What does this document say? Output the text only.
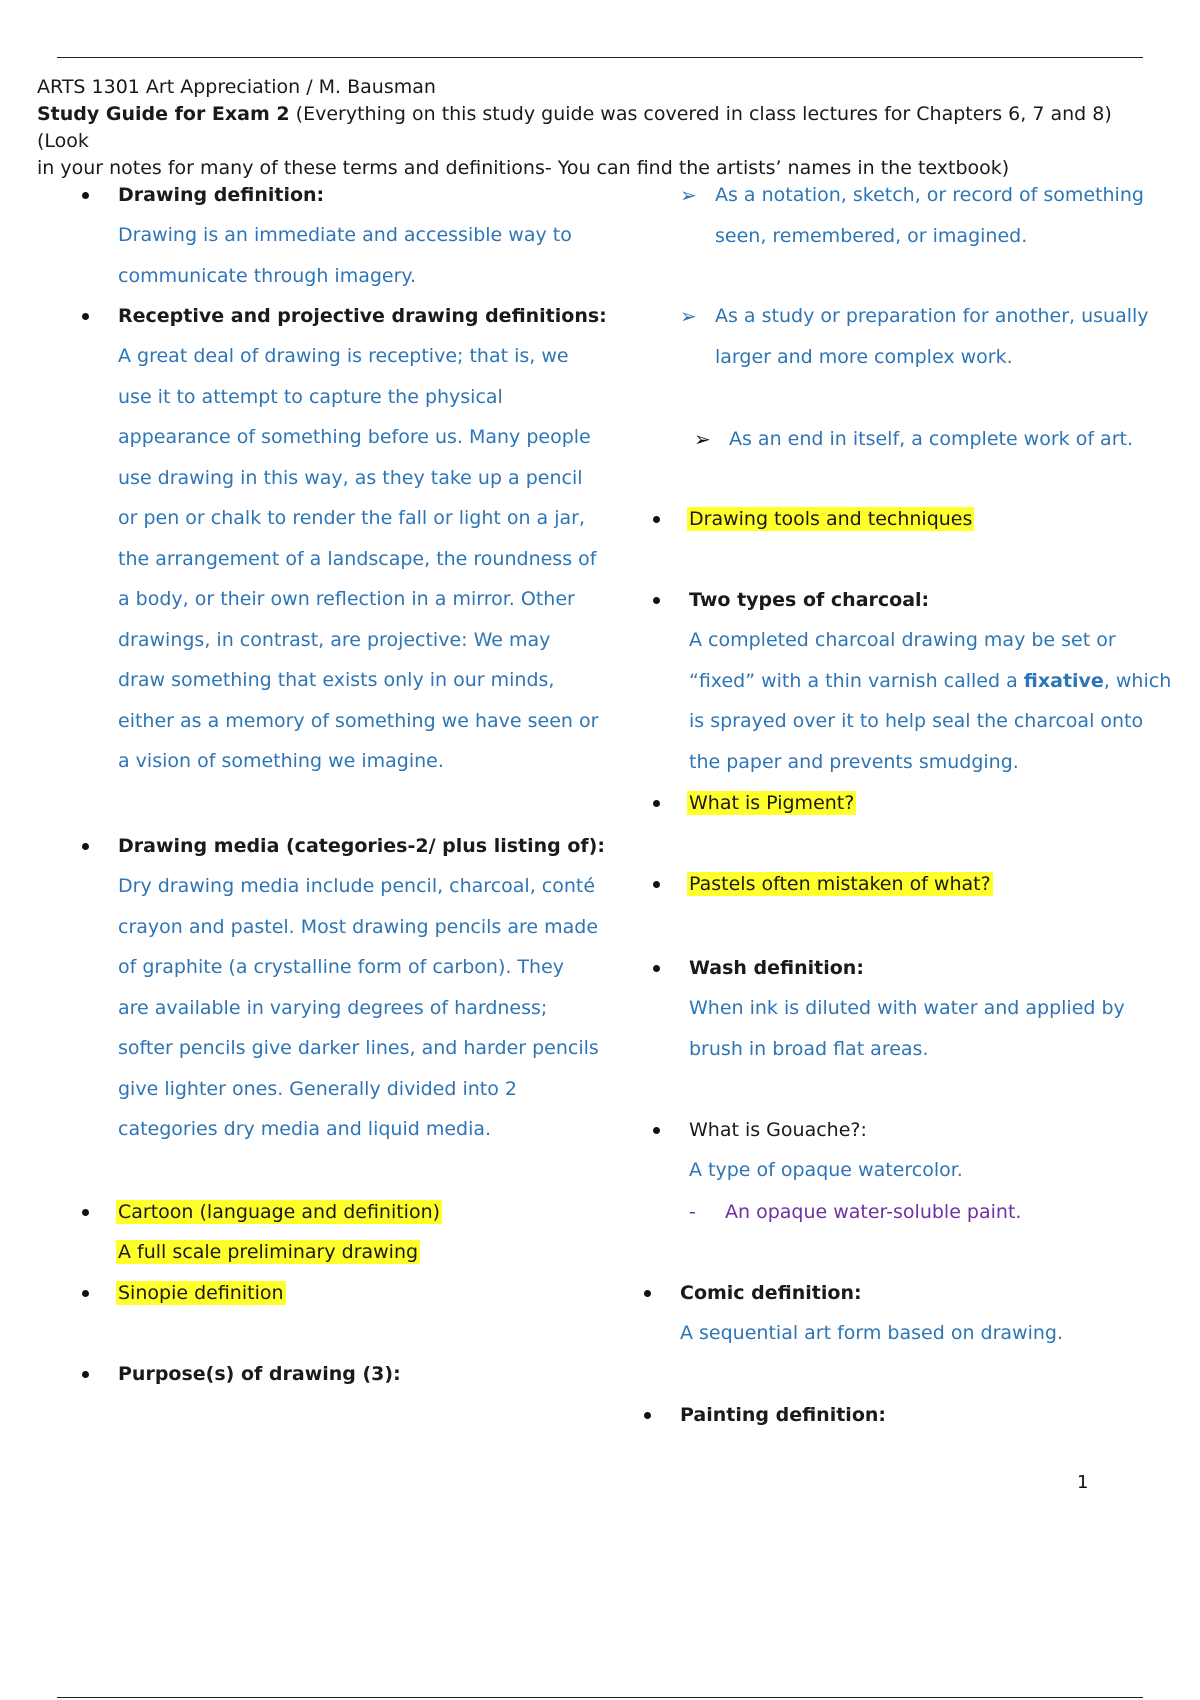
ARTS 1301 Art Appreciation / M. Bausman
Study Guide for Exam 2 (Everything on this study guide was covered in class lectures for Chapters 6, 7 and 8) (Look
in your notes for many of these terms and definitions- You can find the artists’ names in the textbook)
Drawing definition:
Drawing is an immediate and accessible way to
communicate through imagery.
Receptive and projective drawing definitions:
A great deal of drawing is receptive; that is, we
use it to attempt to capture the physical
appearance of something before us. Many people
use drawing in this way, as they take up a pencil
or pen or chalk to render the fall or light on a jar,
the arrangement of a landscape, the roundness of
a body, or their own reflection in a mirror. Other
drawings, in contrast, are projective: We may
draw something that exists only in our minds,
either as a memory of something we have seen or
a vision of something we imagine.
Drawing media (categories-2/ plus listing of):
Dry drawing media include pencil, charcoal, conté
crayon and pastel. Most drawing pencils are made
of graphite (a crystalline form of carbon). They
are available in varying degrees of hardness;
softer pencils give darker lines, and harder pencils
give lighter ones. Generally divided into 2
categories dry media and liquid media.
Cartoon (language and definition)
A full scale preliminary drawing
Sinopie definition
Purpose(s) of drawing (3):
➢ As a notation, sketch, or record of something
seen, remembered, or imagined.
➢ As a study or preparation for another, usually
larger and more complex work.
➢ As an end in itself, a complete work of art.
Drawing tools and techniques
Two types of charcoal:
A completed charcoal drawing may be set or
“fixed” with a thin varnish called a fixative, which
is sprayed over it to help seal the charcoal onto
the paper and prevents smudging.
What is Pigment?
Pastels often mistaken of what?
Wash definition:
When ink is diluted with water and applied by
brush in broad flat areas.
What is Gouache?:
A type of opaque watercolor.
- An opaque water-soluble paint.
Comic definition:
A sequential art form based on drawing.
Painting definition:
1
